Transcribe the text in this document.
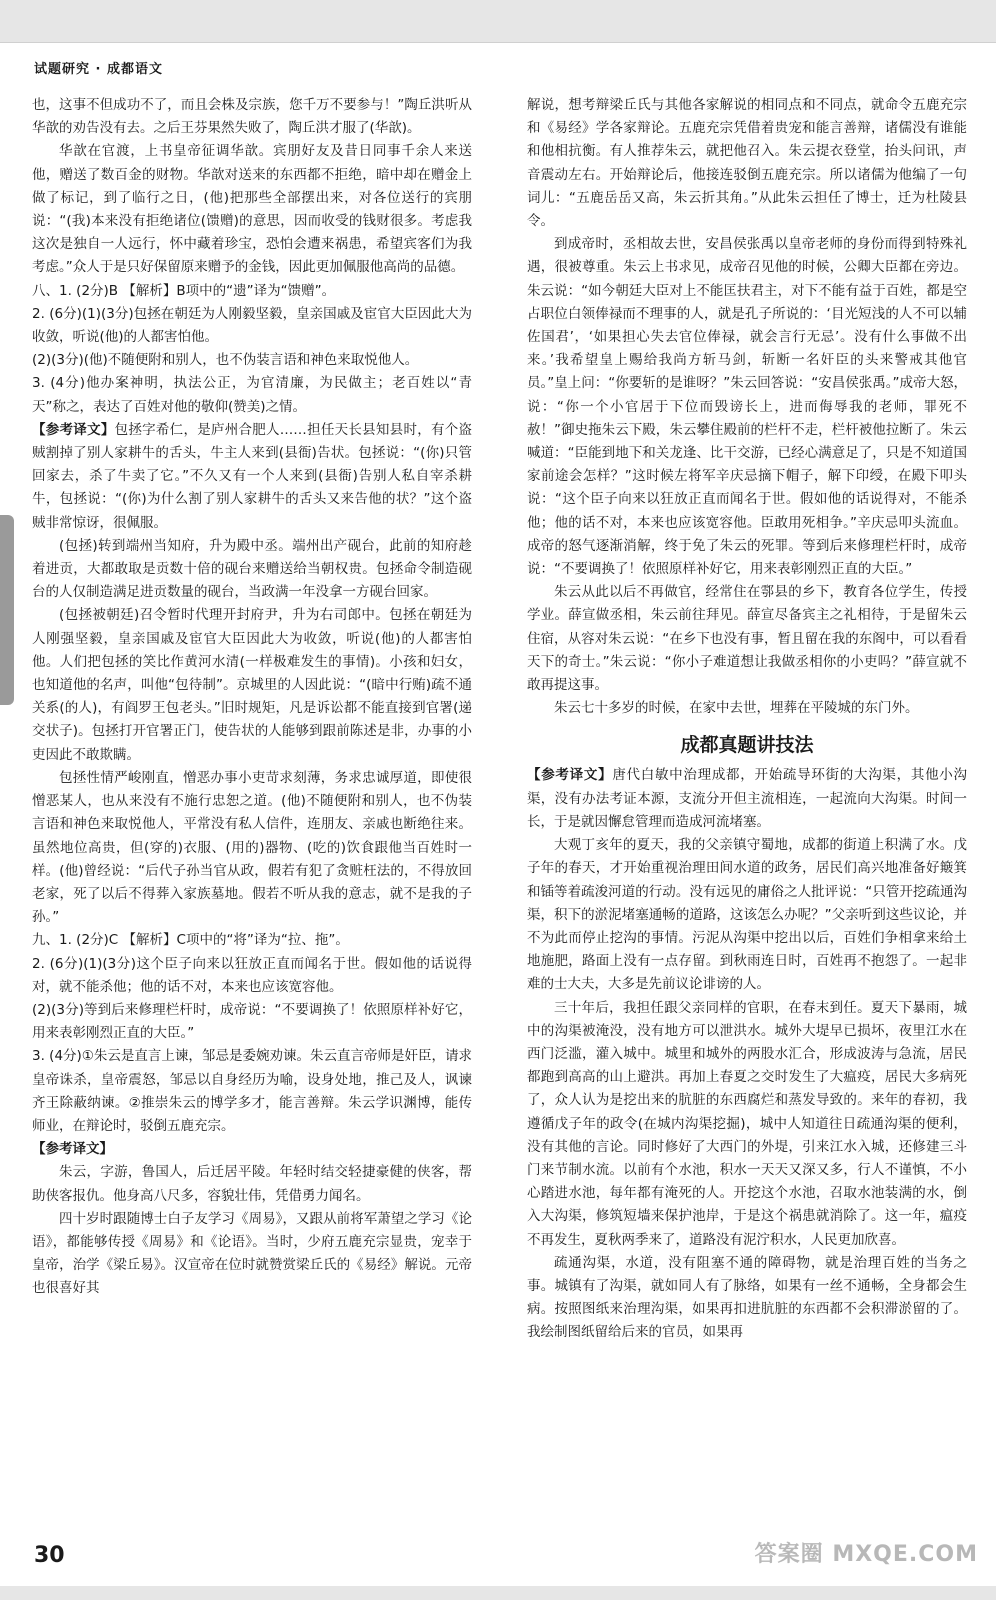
试题研究 · 成都语文

也，这事不但成功不了，而且会株及宗族，您千万不要参与！”陶丘洪听从华歆的劝告没有去。之后王芬果然失败了，陶丘洪才服了(华歆)。

华歆在官渡，上书皇帝征调华歆。宾朋好友及昔日同事千余人来送他，赠送了数百金的财物。华歆对送来的东西都不拒绝，暗中却在赠金上做了标记，到了临行之日，(他)把那些全部摆出来，对各位送行的宾朋说：“(我)本来没有拒绝诸位(馈赠)的意思，因而收受的钱财很多。考虑我这次是独自一人远行，怀中藏着珍宝，恐怕会遭来祸患，希望宾客们为我考虑。”众人于是只好保留原来赠予的金钱，因此更加佩服他高尚的品德。

八、1. (2分)B 【解析】B项中的“遗”译为“馈赠”。

2. (6分)(1)(3分)包拯在朝廷为人刚毅坚毅，皇亲国戚及宦官大臣因此大为收敛，听说(他)的人都害怕他。

(2)(3分)(他)不随便附和别人，也不伪装言语和神色来取悦他人。

3. (4分)他办案神明，执法公正，为官清廉，为民做主；老百姓以“青天”称之，表达了百姓对他的敬仰(赞美)之情。

【参考译文】包拯字希仁，是庐州合肥人……担任天长县知县时，有个盗贼割掉了别人家耕牛的舌头，牛主人来到(县衙)告状。包拯说：“(你)只管回家去，杀了牛卖了它。”不久又有一个人来到(县衙)告别人私自宰杀耕牛，包拯说：“(你)为什么割了别人家耕牛的舌头又来告他的状？”这个盗贼非常惊讶，很佩服。

(包拯)转到端州当知府，升为殿中丞。端州出产砚台，此前的知府趁着进贡，大都敢取是贡数十倍的砚台来赠送给当朝权贵。包拯命令制造砚台的人仅制造满足进贡数量的砚台，当政满一年没拿一方砚台回家。

(包拯被朝廷)召令暂时代理开封府尹，升为右司郎中。包拯在朝廷为人刚强坚毅，皇亲国戚及宦官大臣因此大为收敛，听说(他)的人都害怕他。人们把包拯的笑比作黄河水清(一样极难发生的事情)。小孩和妇女，也知道他的名声，叫他“包待制”。京城里的人因此说：“(暗中行贿)疏不通关系(的人)，有阎罗王包老头。”旧时规矩，凡是诉讼都不能直接到官署(递交状子)。包拯打开官署正门，使告状的人能够到跟前陈述是非，办事的小吏因此不敢欺瞒。

包拯性情严峻刚直，憎恶办事小吏苛求刻薄，务求忠诚厚道，即使很憎恶某人，也从来没有不施行忠恕之道。(他)不随便附和别人，也不伪装言语和神色来取悦他人，平常没有私人信件，连朋友、亲戚也断绝往来。虽然地位高贵，但(穿的)衣服、(用的)器物、(吃的)饮食跟他当百姓时一样。(他)曾经说：“后代子孙当官从政，假若有犯了贪赃枉法的，不得放回老家，死了以后不得葬入家族墓地。假若不听从我的意志，就不是我的子孙。”

九、1. (2分)C 【解析】C项中的“将”译为“拉、拖”。

2. (6分)(1)(3分)这个臣子向来以狂放正直而闻名于世。假如他的话说得对，就不能杀他；他的话不对，本来也应该宽容他。

(2)(3分)等到后来修理栏杆时，成帝说：“不要调换了！依照原样补好它，用来表彰刚烈正直的大臣。”

3. (4分)①朱云是直言上谏，邹忌是委婉劝谏。朱云直言帝师是奸臣，请求皇帝诛杀，皇帝震怒，邹忌以自身经历为喻，设身处地，推己及人，讽谏齐王除蔽纳谏。②推崇朱云的博学多才，能言善辩。朱云学识渊博，能传师业，在辩论时，驳倒五鹿充宗。

【参考译文】

朱云，字游，鲁国人，后迁居平陵。年轻时结交轻捷豪健的侠客，帮助侠客报仇。他身高八尺多，容貌壮伟，凭借勇力闻名。

四十岁时跟随博士白子友学习《周易》，又跟从前将军萧望之学习《论语》，都能够传授《周易》和《论语》。当时，少府五鹿充宗显贵，宠幸于皇帝，治学《梁丘易》。汉宣帝在位时就赞赏梁丘氏的《易经》解说。元帝也很喜好其

解说，想考辩梁丘氏与其他各家解说的相同点和不同点，就命令五鹿充宗和《易经》学各家辩论。五鹿充宗凭借着贵宠和能言善辩，诸儒没有谁能和他相抗衡。有人推荐朱云，就把他召入。朱云提衣登堂，抬头问讯，声音震动左右。开始辩论后，他接连驳倒五鹿充宗。所以诸儒为他编了一句词儿：“五鹿岳岳又高，朱云折其角。”从此朱云担任了博士，迁为杜陵县令。

到成帝时，丞相故去世，安昌侯张禹以皇帝老师的身份而得到特殊礼遇，很被尊重。朱云上书求见，成帝召见他的时候，公卿大臣都在旁边。朱云说：“如今朝廷大臣对上不能匡扶君主，对下不能有益于百姓，都是空占职位白领俸禄而不理事的人，就是孔子所说的：‘目光短浅的人不可以辅佐国君’，‘如果担心失去官位俸禄，就会言行无忌’。没有什么事做不出来。’我希望皇上赐给我尚方斩马剑，斩断一名奸臣的头来警戒其他官员。”皇上问：“你要斩的是谁呀？”朱云回答说：“安昌侯张禹。”成帝大怒，说：“你一个小官居于下位而毁谤长上，进而侮辱我的老师，罪死不赦！”御史拖朱云下殿，朱云攀住殿前的栏杆不走，栏杆被他拉断了。朱云喊道：“臣能到地下和关龙逢、比干交游，已经心满意足了，只是不知道国家前途会怎样？”这时候左将军辛庆忌摘下帽子，解下印绶，在殿下叩头说：“这个臣子向来以狂放正直而闻名于世。假如他的话说得对，不能杀他；他的话不对，本来也应该宽容他。臣敢用死相争。”辛庆忌叩头流血。成帝的怒气逐渐消解，终于免了朱云的死罪。等到后来修理栏杆时，成帝说：“不要调换了！依照原样补好它，用来表彰刚烈正直的大臣。”

朱云从此以后不再做官，经常住在鄠县的乡下，教育各位学生，传授学业。薛宣做丞相，朱云前往拜见。薛宣尽备宾主之礼相待，于是留朱云住宿，从容对朱云说：“在乡下也没有事，暂且留在我的东阁中，可以看看天下的奇士。”朱云说：“你小子难道想让我做丞相你的小吏吗？”薛宣就不敢再提这事。

朱云七十多岁的时候，在家中去世，埋葬在平陵城的东门外。

成都真题讲技法

【参考译文】唐代白敏中治理成都，开始疏导环街的大沟渠，其他小沟渠，没有办法考证本源，支流分开但主流相连，一起流向大沟渠。时间一长，于是就因懈怠管理而造成河流堵塞。

大观丁亥年的夏天，我的父亲镇守蜀地，成都的街道上积满了水。戊子年的春天，才开始重视治理田间水道的政务，居民们高兴地准备好簸箕和锸等着疏浚河道的行动。没有远见的庸俗之人批评说：“只管开挖疏通沟渠，积下的淤泥堵塞通畅的道路，这该怎么办呢？”父亲听到这些议论，并不为此而停止挖沟的事情。污泥从沟渠中挖出以后，百姓们争相拿来给土地施肥，路面上没有一点存留。到秋雨连日时，百姓再不抱怨了。一起非难的士大夫，大多是先前议论诽谤的人。

三十年后，我担任跟父亲同样的官职，在春末到任。夏天下暴雨，城中的沟渠被淹没，没有地方可以泄洪水。城外大堤早已损坏，夜里江水在西门泛滥，灌入城中。城里和城外的两股水汇合，形成波涛与急流，居民都跑到高高的山上避洪。再加上春夏之交时发生了大瘟疫，居民大多病死了，众人认为是挖出来的肮脏的东西腐烂和蒸发导致的。来年的春初，我遵循戊子年的政令(在城内沟渠挖掘)，城中人知道往日疏通沟渠的便利，没有其他的言论。同时修好了大西门的外堤，引来江水入城，还修建三斗门来节制水流。以前有个水池，积水一天天又深又多，行人不谨慎，不小心踏进水池，每年都有淹死的人。开挖这个水池，召取水池装满的水，倒入大沟渠，修筑短墙来保护池岸，于是这个祸患就消除了。这一年，瘟疫不再发生，夏秋两季来了，道路没有泥泞积水，人民更加欣喜。

疏通沟渠，水道，没有阻塞不通的障碍物，就是治理百姓的当务之事。城镇有了沟渠，就如同人有了脉络，如果有一丝不通畅，全身都会生病。按照图纸来治理沟渠，如果再扣进肮脏的东西都不会积滞淤留的了。我绘制图纸留给后来的官员，如果再

30	答案圈 MXQE.COM
